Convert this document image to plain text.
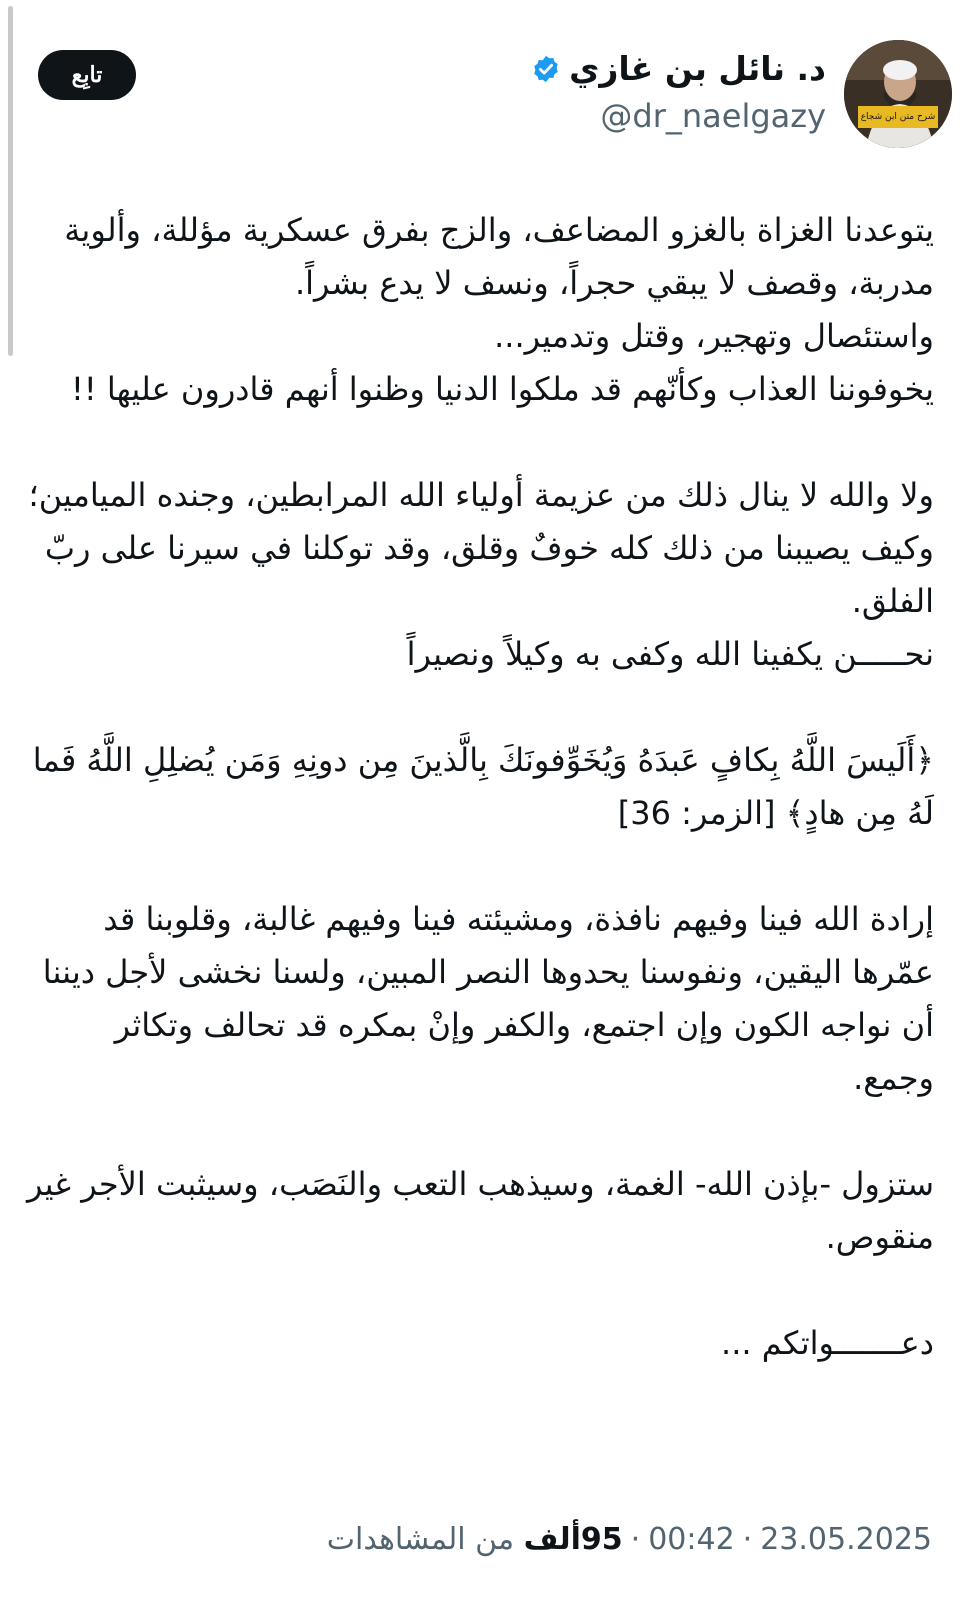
شرح متن ابن شجاع
د. نائل بن غازي
@dr_naelgazy
تابِع

يتوعدنا الغزاة بالغزو المضاعف، والزج بفرق عسكرية مؤللة، وألوية مدربة، وقصف لا يبقي حجراً، ونسف لا يدع بشراً.

واستئصال وتهجير، وقتل وتدمير...

يخوفوننا العذاب وكأنّهم قد ملكوا الدنيا وظنوا أنهم قادرون عليها !!

ولا والله لا ينال ذلك من عزيمة أولياء الله المرابطين، وجنده الميامين؛ وكيف يصيبنا من ذلك كله خوفٌ وقلق، وقد توكلنا في سيرنا على ربّ الفلق.

نحـــــن يكفينا الله وكفى به وكيلاً ونصيراً

﴿أَلَيسَ اللَّهُ بِكافٍ عَبدَهُ وَيُخَوِّفونَكَ بِالَّذينَ مِن دونِهِ وَمَن يُضلِلِ اللَّهُ فَما لَهُ مِن هادٍ﴾ [الزمر: 36]

إرادة الله فينا وفيهم نافذة، ومشيئته فينا وفيهم غالبة، وقلوبنا قد عمّرها اليقين، ونفوسنا يحدوها النصر المبين، ولسنا نخشى لأجل ديننا أن نواجه الكون وإن اجتمع، والكفر وإنْ بمكره قد تحالف وتكاثر وجمع.

ستزول -بإذن الله- الغمة، وسيذهب التعب والنَصَب، وسيثبت الأجر غير منقوص.

دعـــــــواتكم ...

23.05.2025·00:42·95ألف من المشاهدات
